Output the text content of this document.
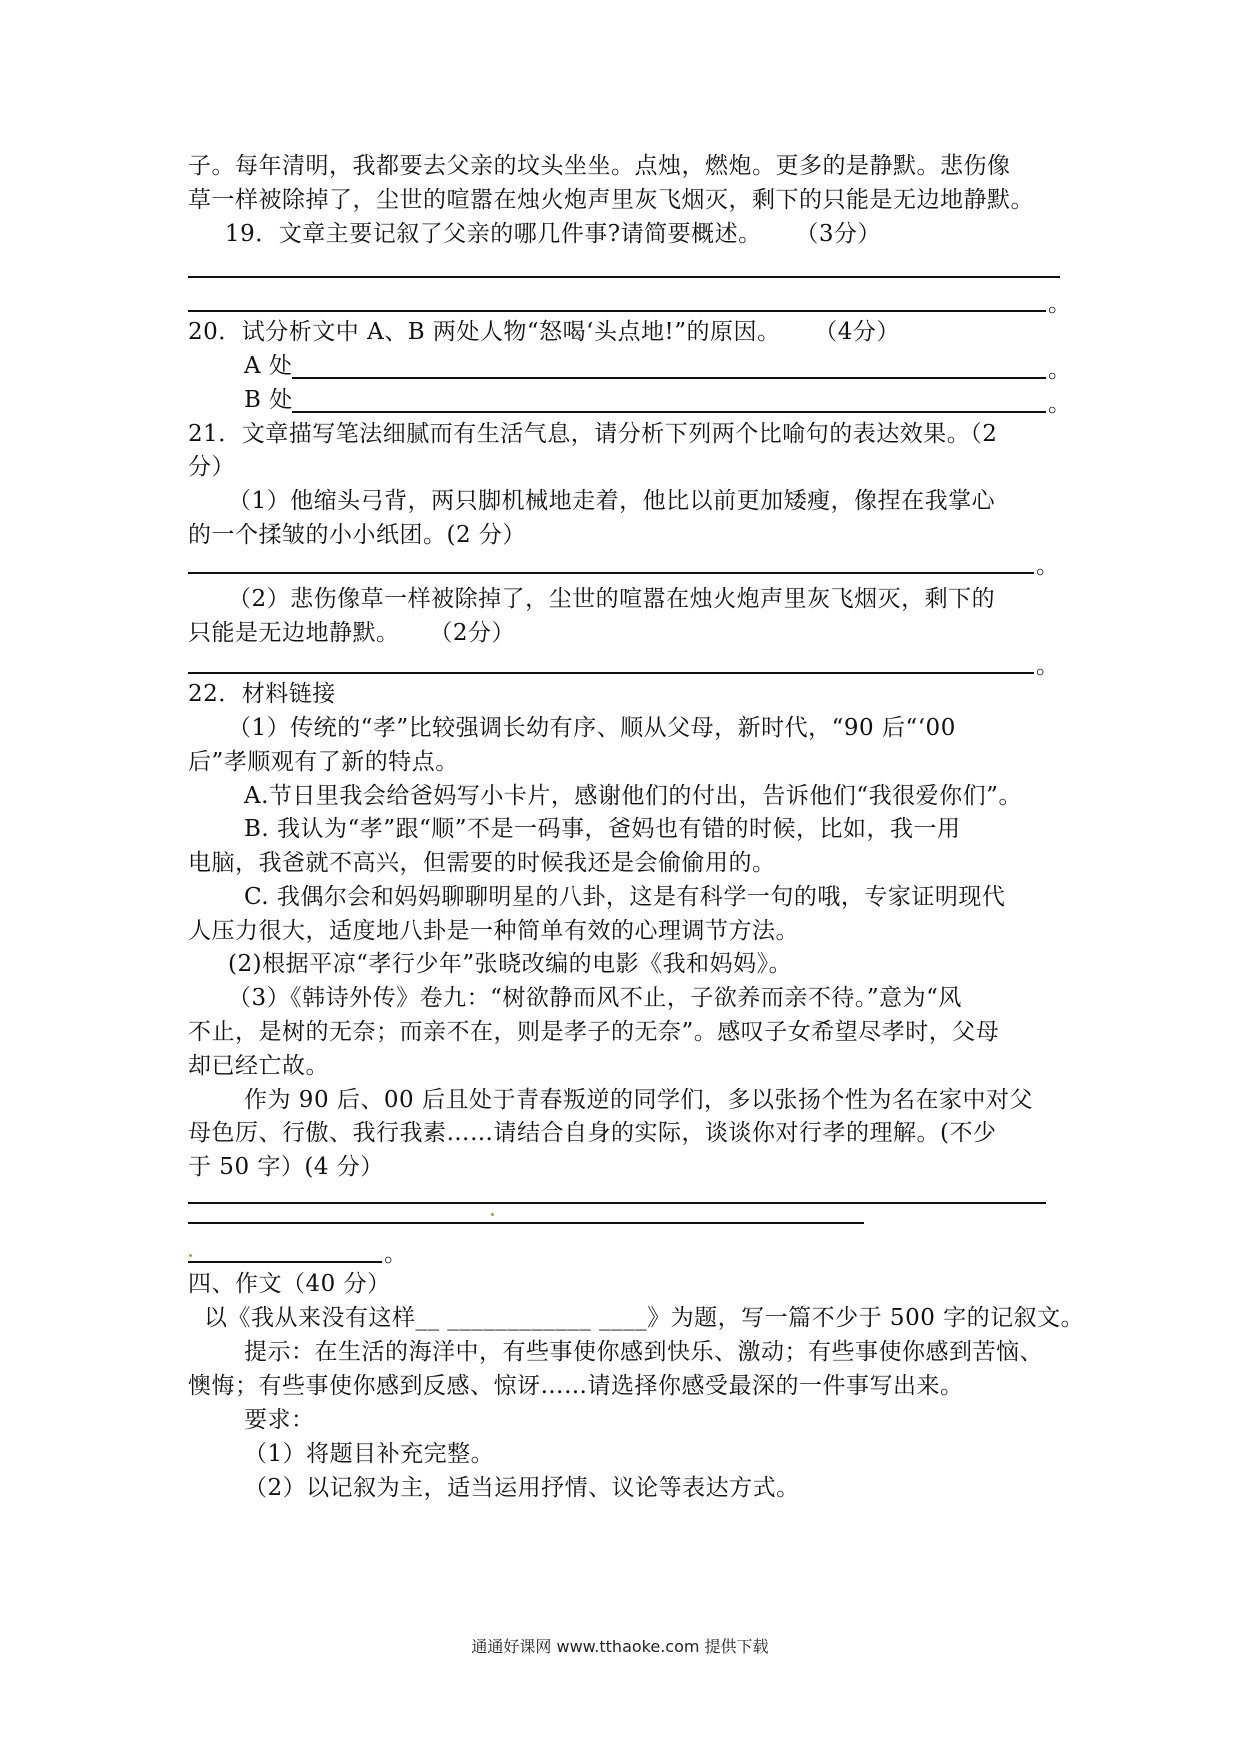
子。每年清明，我都要去父亲的坟头坐坐。点烛，燃炮。更多的是静默。悲伤像
草一样被除掉了，尘世的喧嚣在烛火炮声里灰飞烟灭，剩下的只能是无边地静默。
19．文章主要记叙了父亲的哪几件事?请简要概述。 （3分）
。
20．试分析文中 A、B 两处人物“怒喝‘头点地!”的原因。 （4分）
A 处	。
B 处	。
21．文章描写笔法细腻而有生活气息，请分析下列两个比喻句的表达效果。（2
分）
（1）他缩头弓背，两只脚机械地走着，他比以前更加矮瘦，像捏在我掌心
的一个揉皱的小小纸团。(2 分）
。
（2）悲伤像草一样被除掉了，尘世的喧嚣在烛火炮声里灰飞烟灭，剩下的
只能是无边地静默。 （2分）
。
22．材料链接
（1）传统的“孝”比较强调长幼有序、顺从父母，新时代，“90 后“‘00
后”孝顺观有了新的特点。
A.节日里我会给爸妈写小卡片，感谢他们的付出，告诉他们“我很爱你们”。
B. 我认为“孝”跟“顺”不是一码事，爸妈也有错的时候，比如，我一用
电脑，我爸就不高兴，但需要的时候我还是会偷偷用的。
C. 我偶尔会和妈妈聊聊明星的八卦，这是有科学一句的哦，专家证明现代
人压力很大，适度地八卦是一种简单有效的心理调节方法。
(2)根据平凉“孝行少年”张晓改编的电影《我和妈妈》。
（3）《韩诗外传》卷九：“树欲静而风不止，子欲养而亲不待。”意为“风
不止，是树的无奈；而亲不在，则是孝子的无奈”。感叹子女希望尽孝时，父母
却已经亡故。
作为 90 后、00 后且处于青春叛逆的同学们，多以张扬个性为名在家中对父
母色厉、行傲、我行我素……请结合自身的实际，谈谈你对行孝的理解。(不少
于 50 字）(4 分）
。
四、作文（40 分）
以《我从来没有这样__ ____________ ____》为题，写一篇不少于 500 字的记叙文。
提示：在生活的海洋中，有些事使你感到快乐、激动；有些事使你感到苦恼、
懊悔；有些事使你感到反感、惊讶……请选择你感受最深的一件事写出来。
要求：
（1）将题目补充完整。
（2）以记叙为主，适当运用抒情、议论等表达方式。
通通好课网 www.tthaoke.com 提供下载
